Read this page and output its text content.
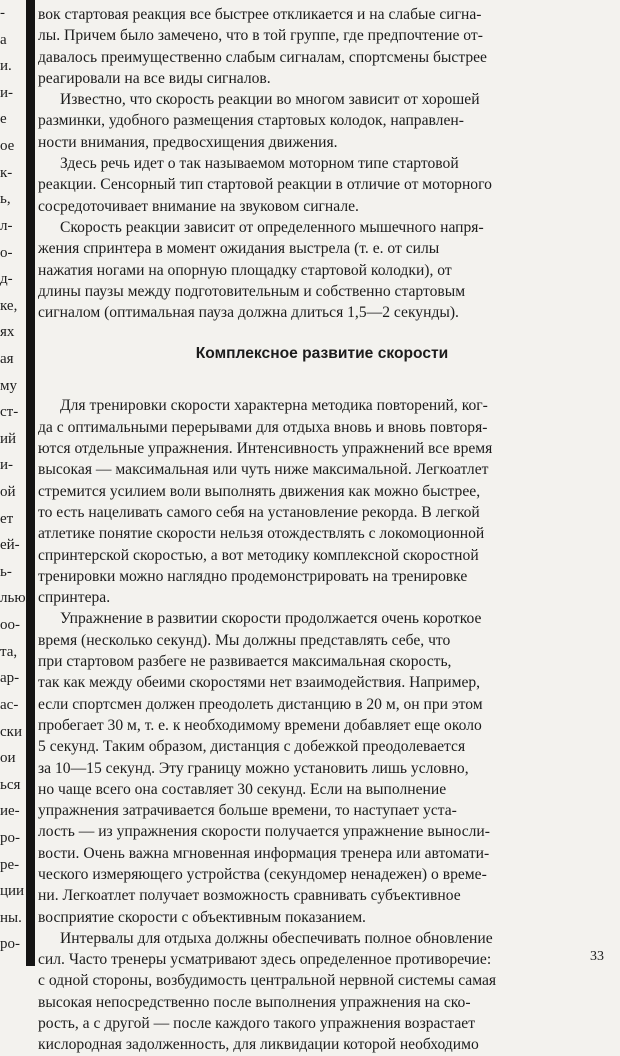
-
а
и.
и-
е
ое
к-
ь,
л-
о-
д-
ке,
ях
ая
му
ст-
ий
и-
ой
ет
ей-
ь-
лью
оо-
та,
ар-
ас-
ски
ои
ься
ие-
ро-
ре-
ции
ны.
ро-
вок стартовая реакция все быстрее откликается и на слабые сигна-
лы. Причем было замечено, что в той группе, где предпочтение от-
давалось преимущественно слабым сигналам, спортсмены быстрее
реагировали на все виды сигналов.
Известно, что скорость реакции во многом зависит от хорошей
разминки, удобного размещения стартовых колодок, направлен-
ности внимания, предвосхищения движения.
Здесь речь идет о так называемом моторном типе стартовой
реакции. Сенсорный тип стартовой реакции в отличие от моторного
сосредоточивает внимание на звуковом сигнале.
Скорость реакции зависит от определенного мышечного напря-
жения спринтера в момент ожидания выстрела (т. е. от силы
нажатия ногами на опорную площадку стартовой колодки), от
длины паузы между подготовительным и собственно стартовым
сигналом (оптимальная пауза должна длиться 1,5—2 секунды).
Комплексное развитие скорости
Для тренировки скорости характерна методика повторений, ког-
да с оптимальными перерывами для отдыха вновь и вновь повторя-
ются отдельные упражнения. Интенсивность упражнений все время
высокая — максимальная или чуть ниже максимальной. Легкоатлет
стремится усилием воли выполнять движения как можно быстрее,
то есть нацеливать самого себя на установление рекорда. В легкой
атлетике понятие скорости нельзя отождествлять с локомоционной
спринтерской скоростью, а вот методику комплексной скоростной
тренировки можно наглядно продемонстрировать на тренировке
спринтера.
Упражнение в развитии скорости продолжается очень короткое
время (несколько секунд). Мы должны представлять себе, что
при стартовом разбеге не развивается максимальная скорость,
так как между обеими скоростями нет взаимодействия. Например,
если спортсмен должен преодолеть дистанцию в 20 м, он при этом
пробегает 30 м, т. е. к необходимому времени добавляет еще около
5 секунд. Таким образом, дистанция с добежкой преодолевается
за 10—15 секунд. Эту границу можно установить лишь условно,
но чаще всего она составляет 30 секунд. Если на выполнение
упражнения затрачивается больше времени, то наступает уста-
лость — из упражнения скорости получается упражнение выносли-
вости. Очень важна мгновенная информация тренера или автомати-
ческого измеряющего устройства (секундомер ненадежен) о време-
ни. Легкоатлет получает возможность сравнивать субъективное
восприятие скорости с объективным показанием.
Интервалы для отдыха должны обеспечивать полное обновление
сил. Часто тренеры усматривают здесь определенное противоречие:
с одной стороны, возбудимость центральной нервной системы самая
высокая непосредственно после выполнения упражнения на ско-
рость, а с другой — после каждого такого упражнения возрастает
кислородная задолженность, для ликвидации которой необходимо
33
